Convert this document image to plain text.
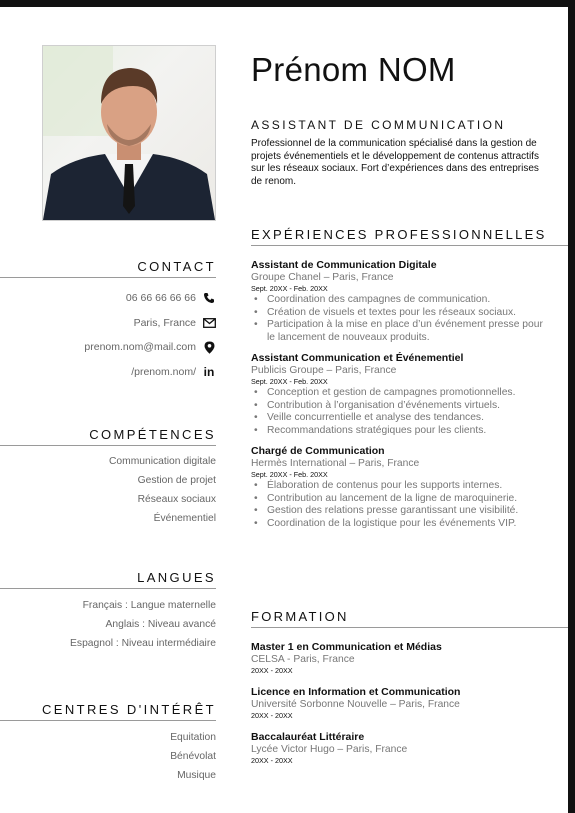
CONTACT
06 66 66 66 66
Paris, France
prenom.nom@mail.com
/prenom.nom/ in
COMPÉTENCES
Communication digitale
Gestion de projet
Réseaux sociaux
Événementiel
LANGUES
Français : Langue maternelle
Anglais : Niveau avancé
Espagnol : Niveau intermédiaire
CENTRES D'INTÉRÊT
Equitation
Bénévolat
Musique
Prénom NOM
ASSISTANT DE COMMUNICATION
Professionnel de la communication spécialisé dans la gestion de projets événementiels et le développement de contenus attractifs sur les réseaux sociaux. Fort d’expériences dans des entreprises de renom.
EXPÉRIENCES PROFESSIONNELLES
Assistant de Communication Digitale
Groupe Chanel – Paris, France
Sept. 20XX - Feb. 20XX
• Coordination des campagnes de communication.
• Création de visuels et textes pour les réseaux sociaux.
• Participation à la mise en place d’un événement presse pour le lancement de nouveaux produits.
Assistant Communication et Événementiel
Publicis Groupe – Paris, France
Sept. 20XX - Feb. 20XX
• Conception et gestion de campagnes promotionnelles.
• Contribution à l’organisation d’événements virtuels.
• Veille concurrentielle et analyse des tendances.
• Recommandations stratégiques pour les clients.
Chargé de Communication
Hermès International – Paris, France
Sept. 20XX - Feb. 20XX
• Élaboration de contenus pour les supports internes.
• Contribution au lancement de la ligne de maroquinerie.
• Gestion des relations presse garantissant une visibilité.
• Coordination de la logistique pour les événements VIP.
FORMATION
Master 1 en Communication et Médias
CELSA - Paris, France
20XX - 20XX
Licence en Information et Communication
Université Sorbonne Nouvelle – Paris, France
20XX - 20XX
Baccalauréat Littéraire
Lycée Victor Hugo – Paris, France
20XX - 20XX
